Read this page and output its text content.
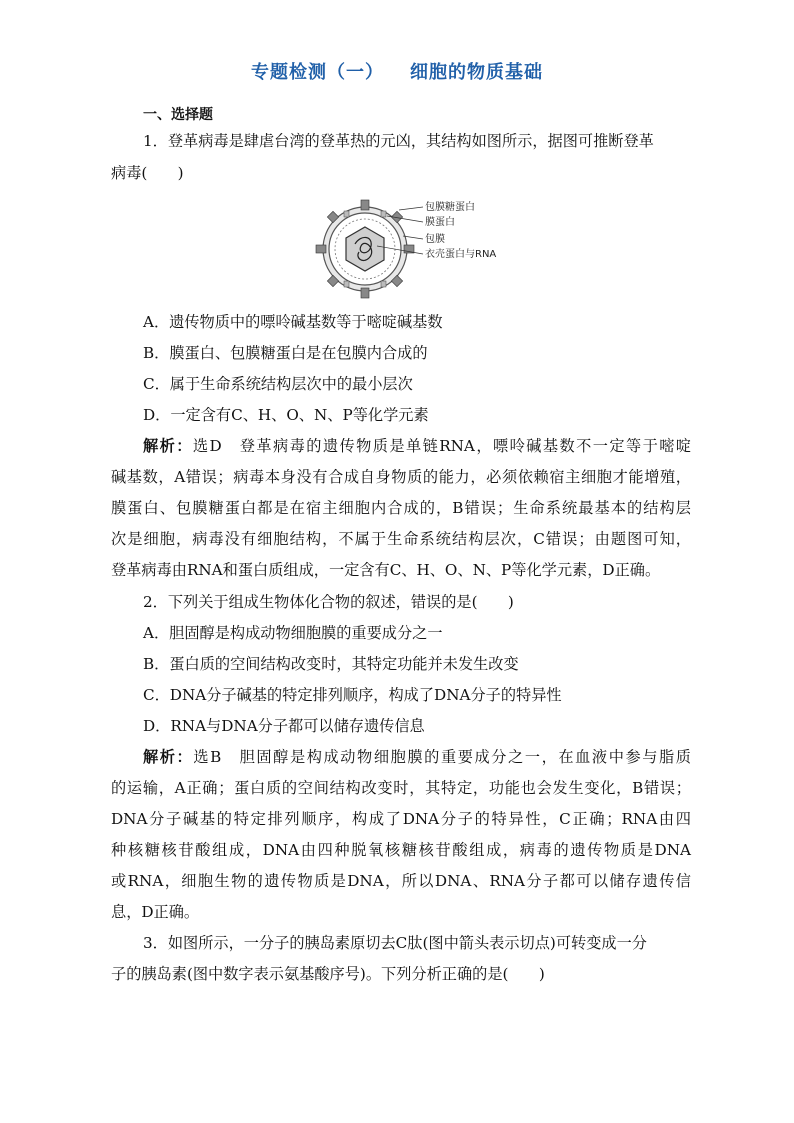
专题检测（一） 细胞的物质基础
一、选择题
1．登革病毒是肆虐台湾的登革热的元凶，其结构如图所示，据图可推断登革
病毒(　　)
包膜糖蛋白
膜蛋白
包膜
衣壳蛋白与RNA
A．遗传物质中的嘌呤碱基数等于嘧啶碱基数
B．膜蛋白、包膜糖蛋白是在包膜内合成的
C．属于生命系统结构层次中的最小层次
D．一定含有C、H、O、N、P等化学元素
解析：选D　登革病毒的遗传物质是单链RNA，嘌呤碱基数不一定等于嘧啶
碱基数，A错误；病毒本身没有合成自身物质的能力，必须依赖宿主细胞才能增殖，
膜蛋白、包膜糖蛋白都是在宿主细胞内合成的，B错误；生命系统最基本的结构层
次是细胞，病毒没有细胞结构，不属于生命系统结构层次，C错误；由题图可知，
登革病毒由RNA和蛋白质组成，一定含有C、H、O、N、P等化学元素，D正确。
2．下列关于组成生物体化合物的叙述，错误的是(　　)
A．胆固醇是构成动物细胞膜的重要成分之一
B．蛋白质的空间结构改变时，其特定功能并未发生改变
C．DNA分子碱基的特定排列顺序，构成了DNA分子的特异性
D．RNA与DNA分子都可以储存遗传信息
解析：选B　胆固醇是构成动物细胞膜的重要成分之一，在血液中参与脂质
的运输，A正确；蛋白质的空间结构改变时，其特定，功能也会发生变化，B错误；
DNA分子碱基的特定排列顺序，构成了DNA分子的特异性，C正确；RNA由四
种核糖核苷酸组成，DNA由四种脱氧核糖核苷酸组成，病毒的遗传物质是DNA
或RNA，细胞生物的遗传物质是DNA，所以DNA、RNA分子都可以储存遗传信
息，D正确。
3．如图所示，一分子的胰岛素原切去C肽(图中箭头表示切点)可转变成一分
子的胰岛素(图中数字表示氨基酸序号)。下列分析正确的是(　　)
